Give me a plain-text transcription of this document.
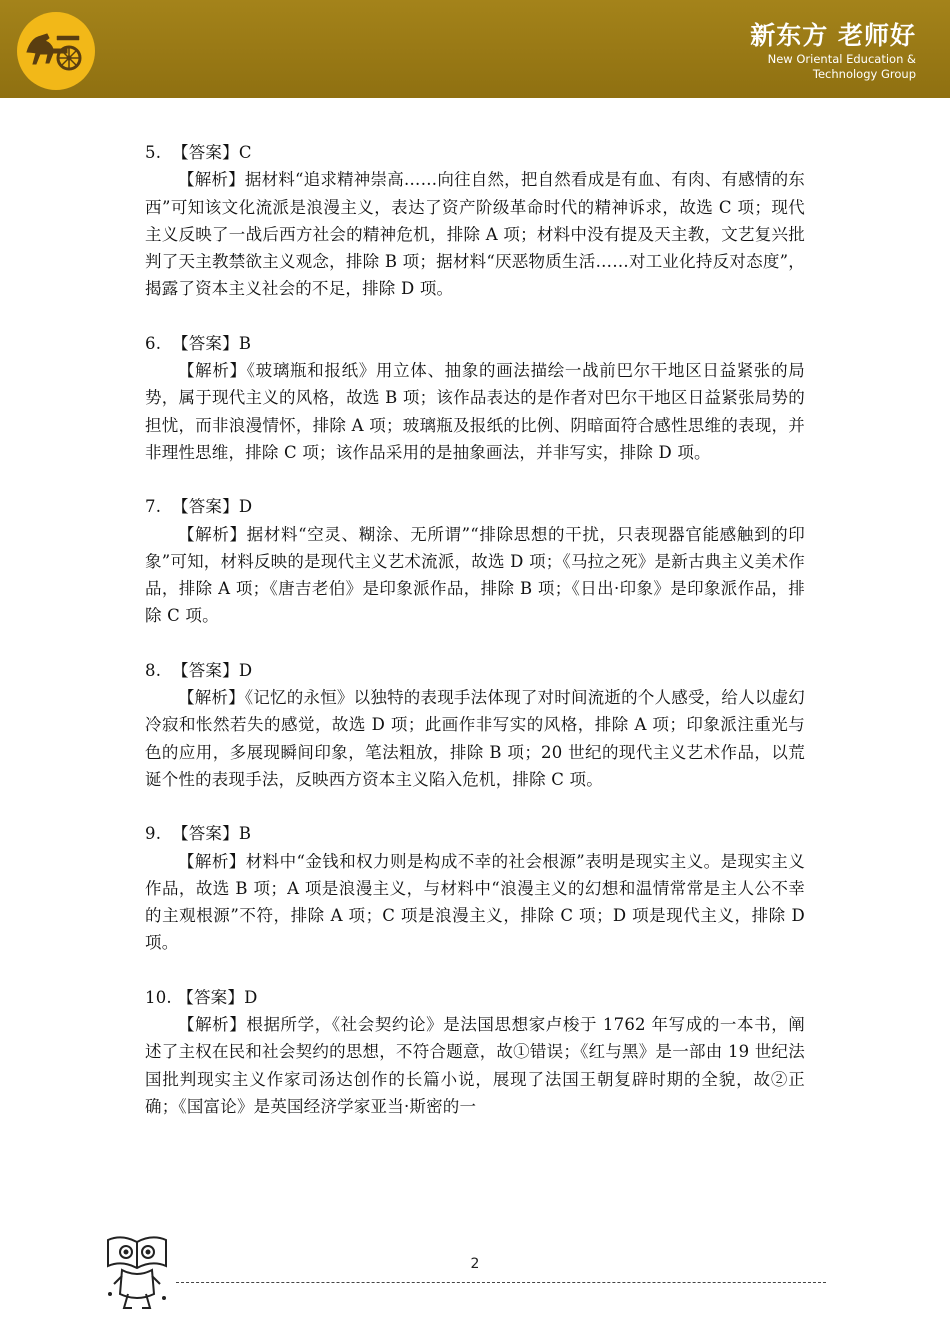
新东方 老师好
New Oriental Education &
Technology Group

5.  【答案】C

【解析】据材料“追求精神崇高……向往自然，把自然看成是有血、有肉、有感情的东西”可知该文化流派是浪漫主义，表达了资产阶级革命时代的精神诉求，故选 C 项；现代主义反映了一战后西方社会的精神危机，排除 A 项；材料中没有提及天主教，文艺复兴批判了天主教禁欲主义观念，排除 B 项；据材料“厌恶物质生活……对工业化持反对态度”，揭露了资本主义社会的不足，排除 D 项。

6.  【答案】B

【解析】《玻璃瓶和报纸》用立体、抽象的画法描绘一战前巴尔干地区日益紧张的局势，属于现代主义的风格，故选 B 项；该作品表达的是作者对巴尔干地区日益紧张局势的担忧，而非浪漫情怀，排除 A 项；玻璃瓶及报纸的比例、阴暗面符合感性思维的表现，并非理性思维，排除 C 项；该作品采用的是抽象画法，并非写实，排除 D 项。

7.  【答案】D

【解析】据材料“空灵、糊涂、无所谓”“排除思想的干扰，只表现器官能感触到的印象”可知，材料反映的是现代主义艺术流派，故选 D 项；《马拉之死》是新古典主义美术作品，排除 A 项；《唐吉老伯》是印象派作品，排除 B 项；《日出·印象》是印象派作品，排除 C 项。

8.  【答案】D

【解析】《记忆的永恒》以独特的表现手法体现了对时间流逝的个人感受，给人以虚幻冷寂和怅然若失的感觉，故选 D 项；此画作非写实的风格，排除 A 项；印象派注重光与色的应用，多展现瞬间印象，笔法粗放，排除 B 项；20 世纪的现代主义艺术作品，以荒诞个性的表现手法，反映西方资本主义陷入危机，排除 C 项。

9.  【答案】B

【解析】材料中“金钱和权力则是构成不幸的社会根源”表明是现实主义。是现实主义作品，故选 B 项；A 项是浪漫主义，与材料中“浪漫主义的幻想和温情常常是主人公不幸的主观根源”不符，排除 A 项；C 项是浪漫主义，排除 C 项；D 项是现代主义，排除 D 项。

10. 【答案】D

【解析】根据所学，《社会契约论》是法国思想家卢梭于 1762 年写成的一本书，阐述了主权在民和社会契约的思想，不符合题意，故①错误；《红与黑》是一部由 19 世纪法国批判现实主义作家司汤达创作的长篇小说，展现了法国王朝复辟时期的全貌，故②正确；《国富论》是英国经济学家亚当·斯密的一

2
